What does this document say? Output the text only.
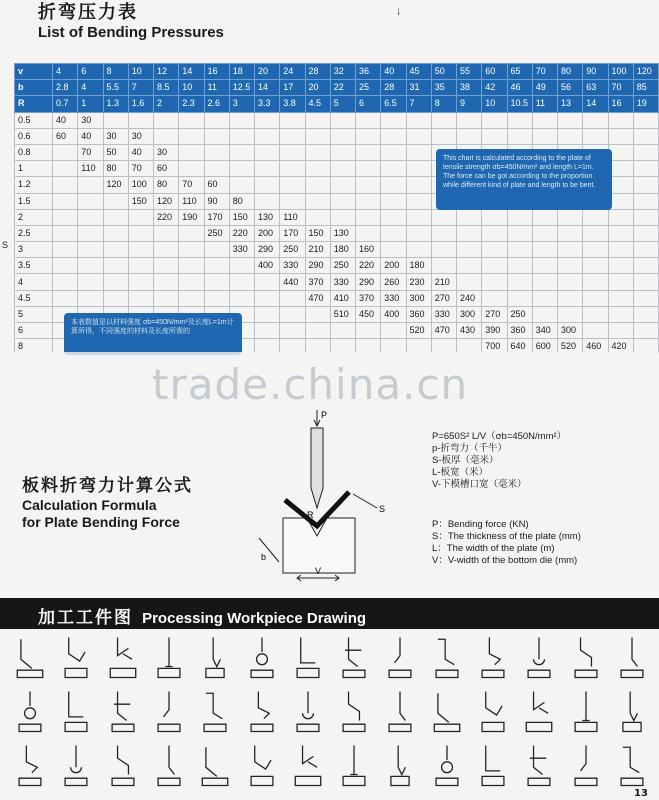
折弯压力表
List of Bending Pressures
ᛍ
S
v	4	6	8	10	12	14	16	18	20	24	28	32	36	40	45	50	55	60	65	70	80	90	100	120
b	2.8	4	5.5	7	8.5	10	11	12.5	14	17	20	22	25	28	31	35	38	42	46	49	56	63	70	85
R	0.7	1	1.3	1.6	2	2.3	2.6	3	3.3	3.8	4.5	5	6	6.5	7	8	9	10	10.5	11	13	14	16	19
0.5	40	30																						
0.6	60	40	30	30																				
0.8		70	50	40	30																			
1		110	80	70	60																			
1.2			120	100	80	70	60																	
1.5				150	120	110	90	80																
2					220	190	170	150	130	110														
2.5							250	220	200	170	150	130												
3								330	290	250	210	180	160											
3.5									400	330	290	250	220	200	180									
4										440	370	330	290	260	230	210								
4.5											470	410	370	330	300	270	240							
5												510	450	400	360	330	300	270	250					
6															520	470	430	390	360	340	300			
8																		700	640	600	520	460	420	
This chart is calculated according to the plate of tensile strength σb=450N/mm² and length L=1m. The force can be got according to the proportion while different kind of plate and length to be bent.
本表数值是以材料强度 σb=450N/mm²及长度L=1m计算所得，不同强度的材料及长度所需的
trade.china.cn
板料折弯力计算公式
Calculation Formula
for Plate Bending Force
P
R
S
b
V
P=650S² L/V（σb=450N/mm²）
p-折弯力（千牛）
S-板厚（毫米）
L-板宽（米）
V-下模槽口宽（毫米）
P：Bending force (KN)
S：The thickness of the plate (mm)
L：The width of the plate (m)
V：V-width of the bottom die (mm)
加工工件图 Processing Workpiece Drawing
13
